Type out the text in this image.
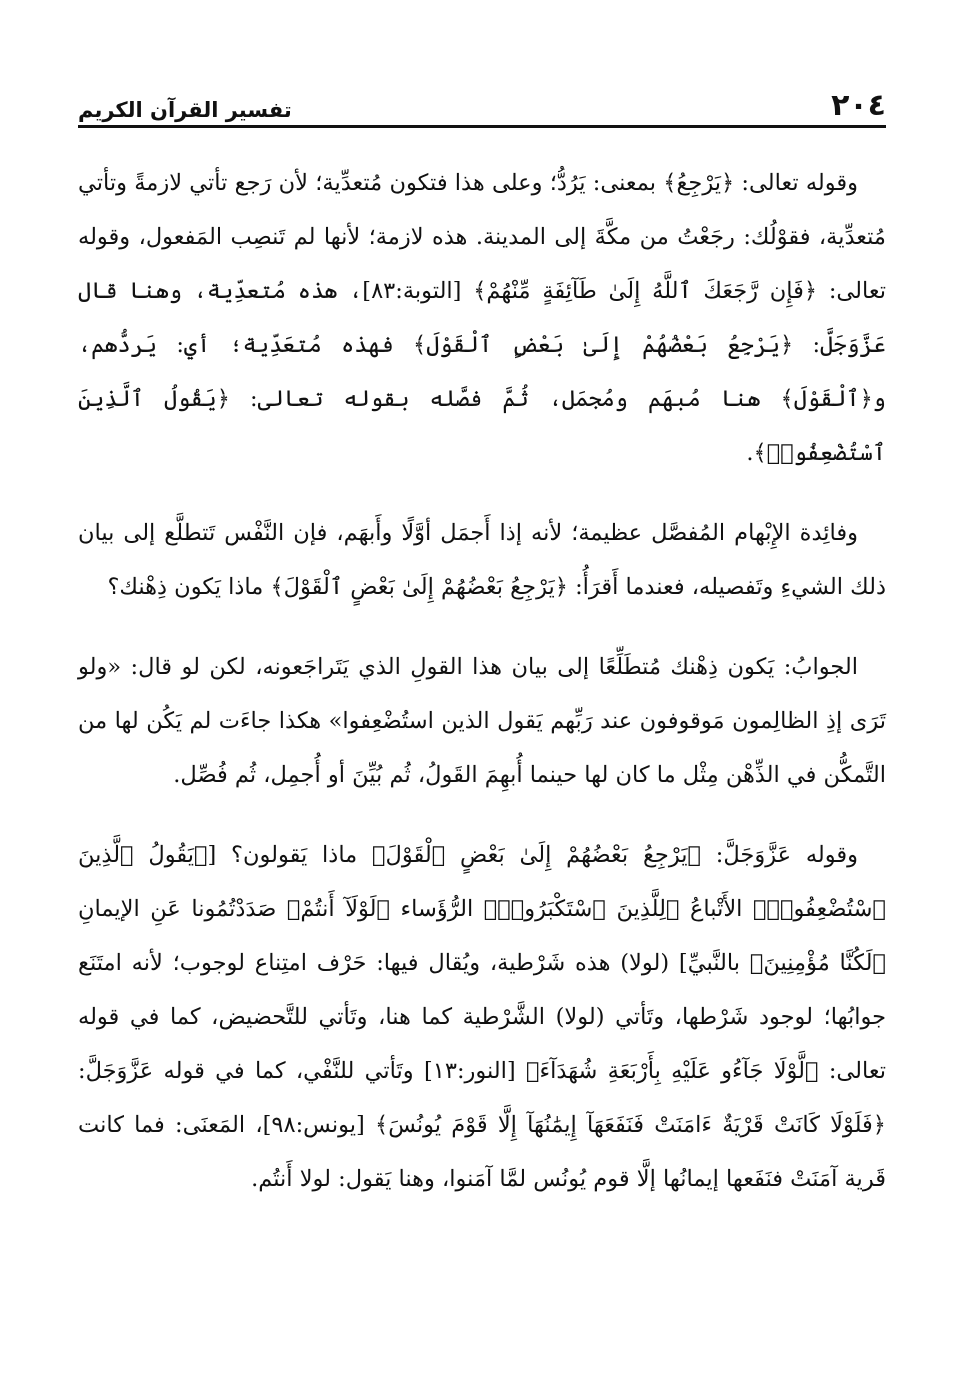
٢٠٤
تفسير القرآن الكريم

وقوله تعالى: ﴿يَرْجِعُ﴾ بمعنى: يَرُدُّ؛ وعلى هذا فتكون مُتعدِّية؛ لأن رَجع تأتي لازمةً وتأتي مُتعدِّية، فقوْلُك: رجَعْتُ من مكَّةَ إلى المدينة. هذه لازمة؛ لأنها لم تَنصِب المَفعول، وقوله تعالى: ﴿فَإِن رَّجَعَكَ ٱللَّهُ إِلَىٰ طَآئِفَةٍ مِّنْهُمْ﴾ [التوبة:٨٣]، هذه مُتعدِّية، وهنا قال عَزَّوَجَلَّ: ﴿يَرْجِعُ بَعْضُهُمْ إِلَىٰ بَعْضٍ ٱلْقَوْلَ﴾ فهذه مُتعَدِّية؛ أي: يَردُّهم، و﴿ٱلْقَوْلَ﴾ هنا مُبهَم ومُجمَل، ثُمَّ فصَّله بقوله تعالى: ﴿يَقُولُ ٱلَّذِينَ ٱسْتُضْعِفُوا۟﴾.

وفائِدة الإِبْهام المُفصَّل عظيمة؛ لأنه إذا أَجمَل أوَّلًا وأَبهَم، فإن النَّفْس تَتطلَّع إلى بيان ذلك الشيءِ وتَفصيله، فعندما أَقرَأُ: ﴿يَرْجِعُ بَعْضُهُمْ إِلَىٰ بَعْضٍ ٱلْقَوْلَ﴾ ماذا يَكون ذِهْنك؟

الجوابُ: يَكون ذِهْنك مُتطَلِّعًا إلى بيان هذا القولِ الذي يَتَراجَعونه، لكن لو قال: «ولو تَرَى إذِ الظالِمون مَوقوفون عند رَبِّهم يَقول الذين استُضْعِفوا» هكذا جاءَت لم يَكُن لها من التَّمكُّن في الذِّهْن مِثْل ما كان لها حينما أُبهِمَ القَولُ، ثُم بُيِّنَ أو أُجمِل، ثُم فُصِّل.

وقوله عَزَّوَجَلَّ: ﴿يَرْجِعُ بَعْضُهُمْ إِلَىٰ بَعْضٍ ٱلْقَوْلَ﴾ ماذا يَقولون؟ [﴿يَقُولُ ٱلَّذِينَ ٱسْتُضْعِفُوا۟﴾ الأَتْباعُ ﴿لِلَّذِينَ ٱسْتَكْبَرُوا۟﴾ الرُّؤَساء ﴿لَوْلَآ أَنتُمْ﴾ صَدَدْتُمُونا عَنِ الإيمانِ ﴿لَكُنَّا مُؤْمِنِينَ﴾ بالنَّبيِّ] (لولا) هذه شَرْطية، ويُقال فيها: حَرْف امتِناع لوجوب؛ لأنه امتَنَع جوابُها؛ لوجود شَرْطها، وتَأتي (لولا) الشَّرْطية كما هنا، وتَأتي للتَّحضيض، كما في قوله تعالى: ﴿لَّوْلَا جَآءُو عَلَيْهِ بِأَرْبَعَةِ شُهَدَآءَ﴾ [النور:١٣] وتَأتي للنَّفْي، كما في قوله عَزَّوَجَلَّ: ﴿فَلَوْلَا كَانَتْ قَرْيَةٌ ءَامَنَتْ فَنَفَعَهَآ إِيمَٰنُهَآ إِلَّا قَوْمَ يُونُسَ﴾ [يونس:٩٨]، المَعنَى: فما كانت قَرية آمَنَتْ فنَفَعها إيمانُها إلَّا قوم يُونُس لمَّا آمَنوا، وهنا يَقول: لولا أَنتُم.
